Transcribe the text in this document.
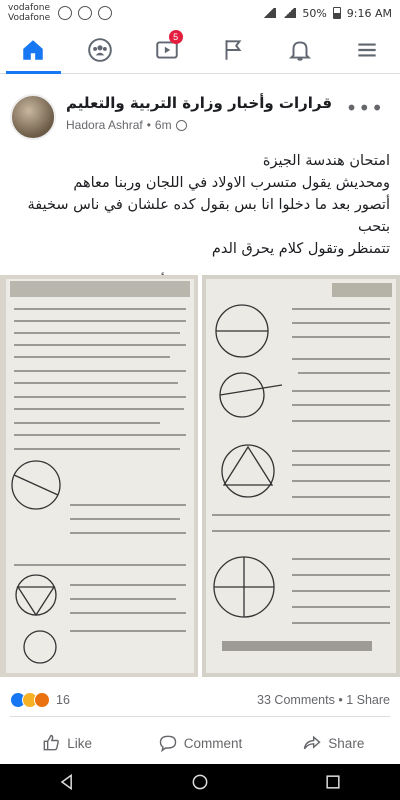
vodafone
Vodafone	50% 9:16 AM
5
قرارات وأخبار وزارة التربية والتعليم
Hadora Ashraf • 6m
•••

امتحان هندسة الجيزة

ومحديش يقول متسرب الاولاد في اللجان وربنا معاهم

أتصور بعد ما دخلوا انا بس بقول كده علشان في ناس سخيفة بتحب

تتمنظر وتقول كلام يحرق الدم

16	33 Comments • 1 Share
Like	Comment	Share
